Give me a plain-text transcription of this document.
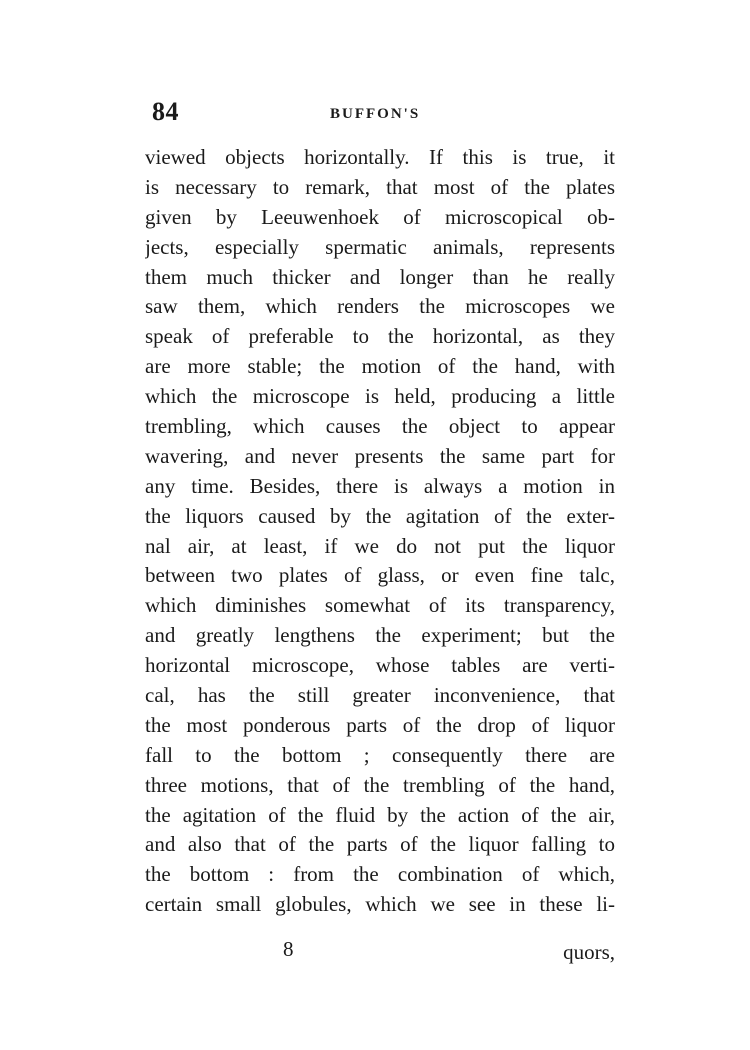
84	BUFFON'S
viewed objects horizontally. If this is true, it
is necessary to remark, that most of the plates
given by Leeuwenhoek of microscopical ob-
jects, especially spermatic animals, represents
them much thicker and longer than he really
saw them, which renders the microscopes we
speak of preferable to the horizontal, as they
are more stable; the motion of the hand, with
which the microscope is held, producing a little
trembling, which causes the object to appear
wavering, and never presents the same part for
any time. Besides, there is always a motion in
the liquors caused by the agitation of the exter-
nal air, at least, if we do not put the liquor
between two plates of glass, or even fine talc,
which diminishes somewhat of its transparency,
and greatly lengthens the experiment; but the
horizontal microscope, whose tables are verti-
cal, has the still greater inconvenience, that
the most ponderous parts of the drop of liquor
fall to the bottom ; consequently there are
three motions, that of the trembling of the hand,
the agitation of the fluid by the action of the air,
and also that of the parts of the liquor falling to
the bottom : from the combination of which,
certain small globules, which we see in these li-
8	quors,
